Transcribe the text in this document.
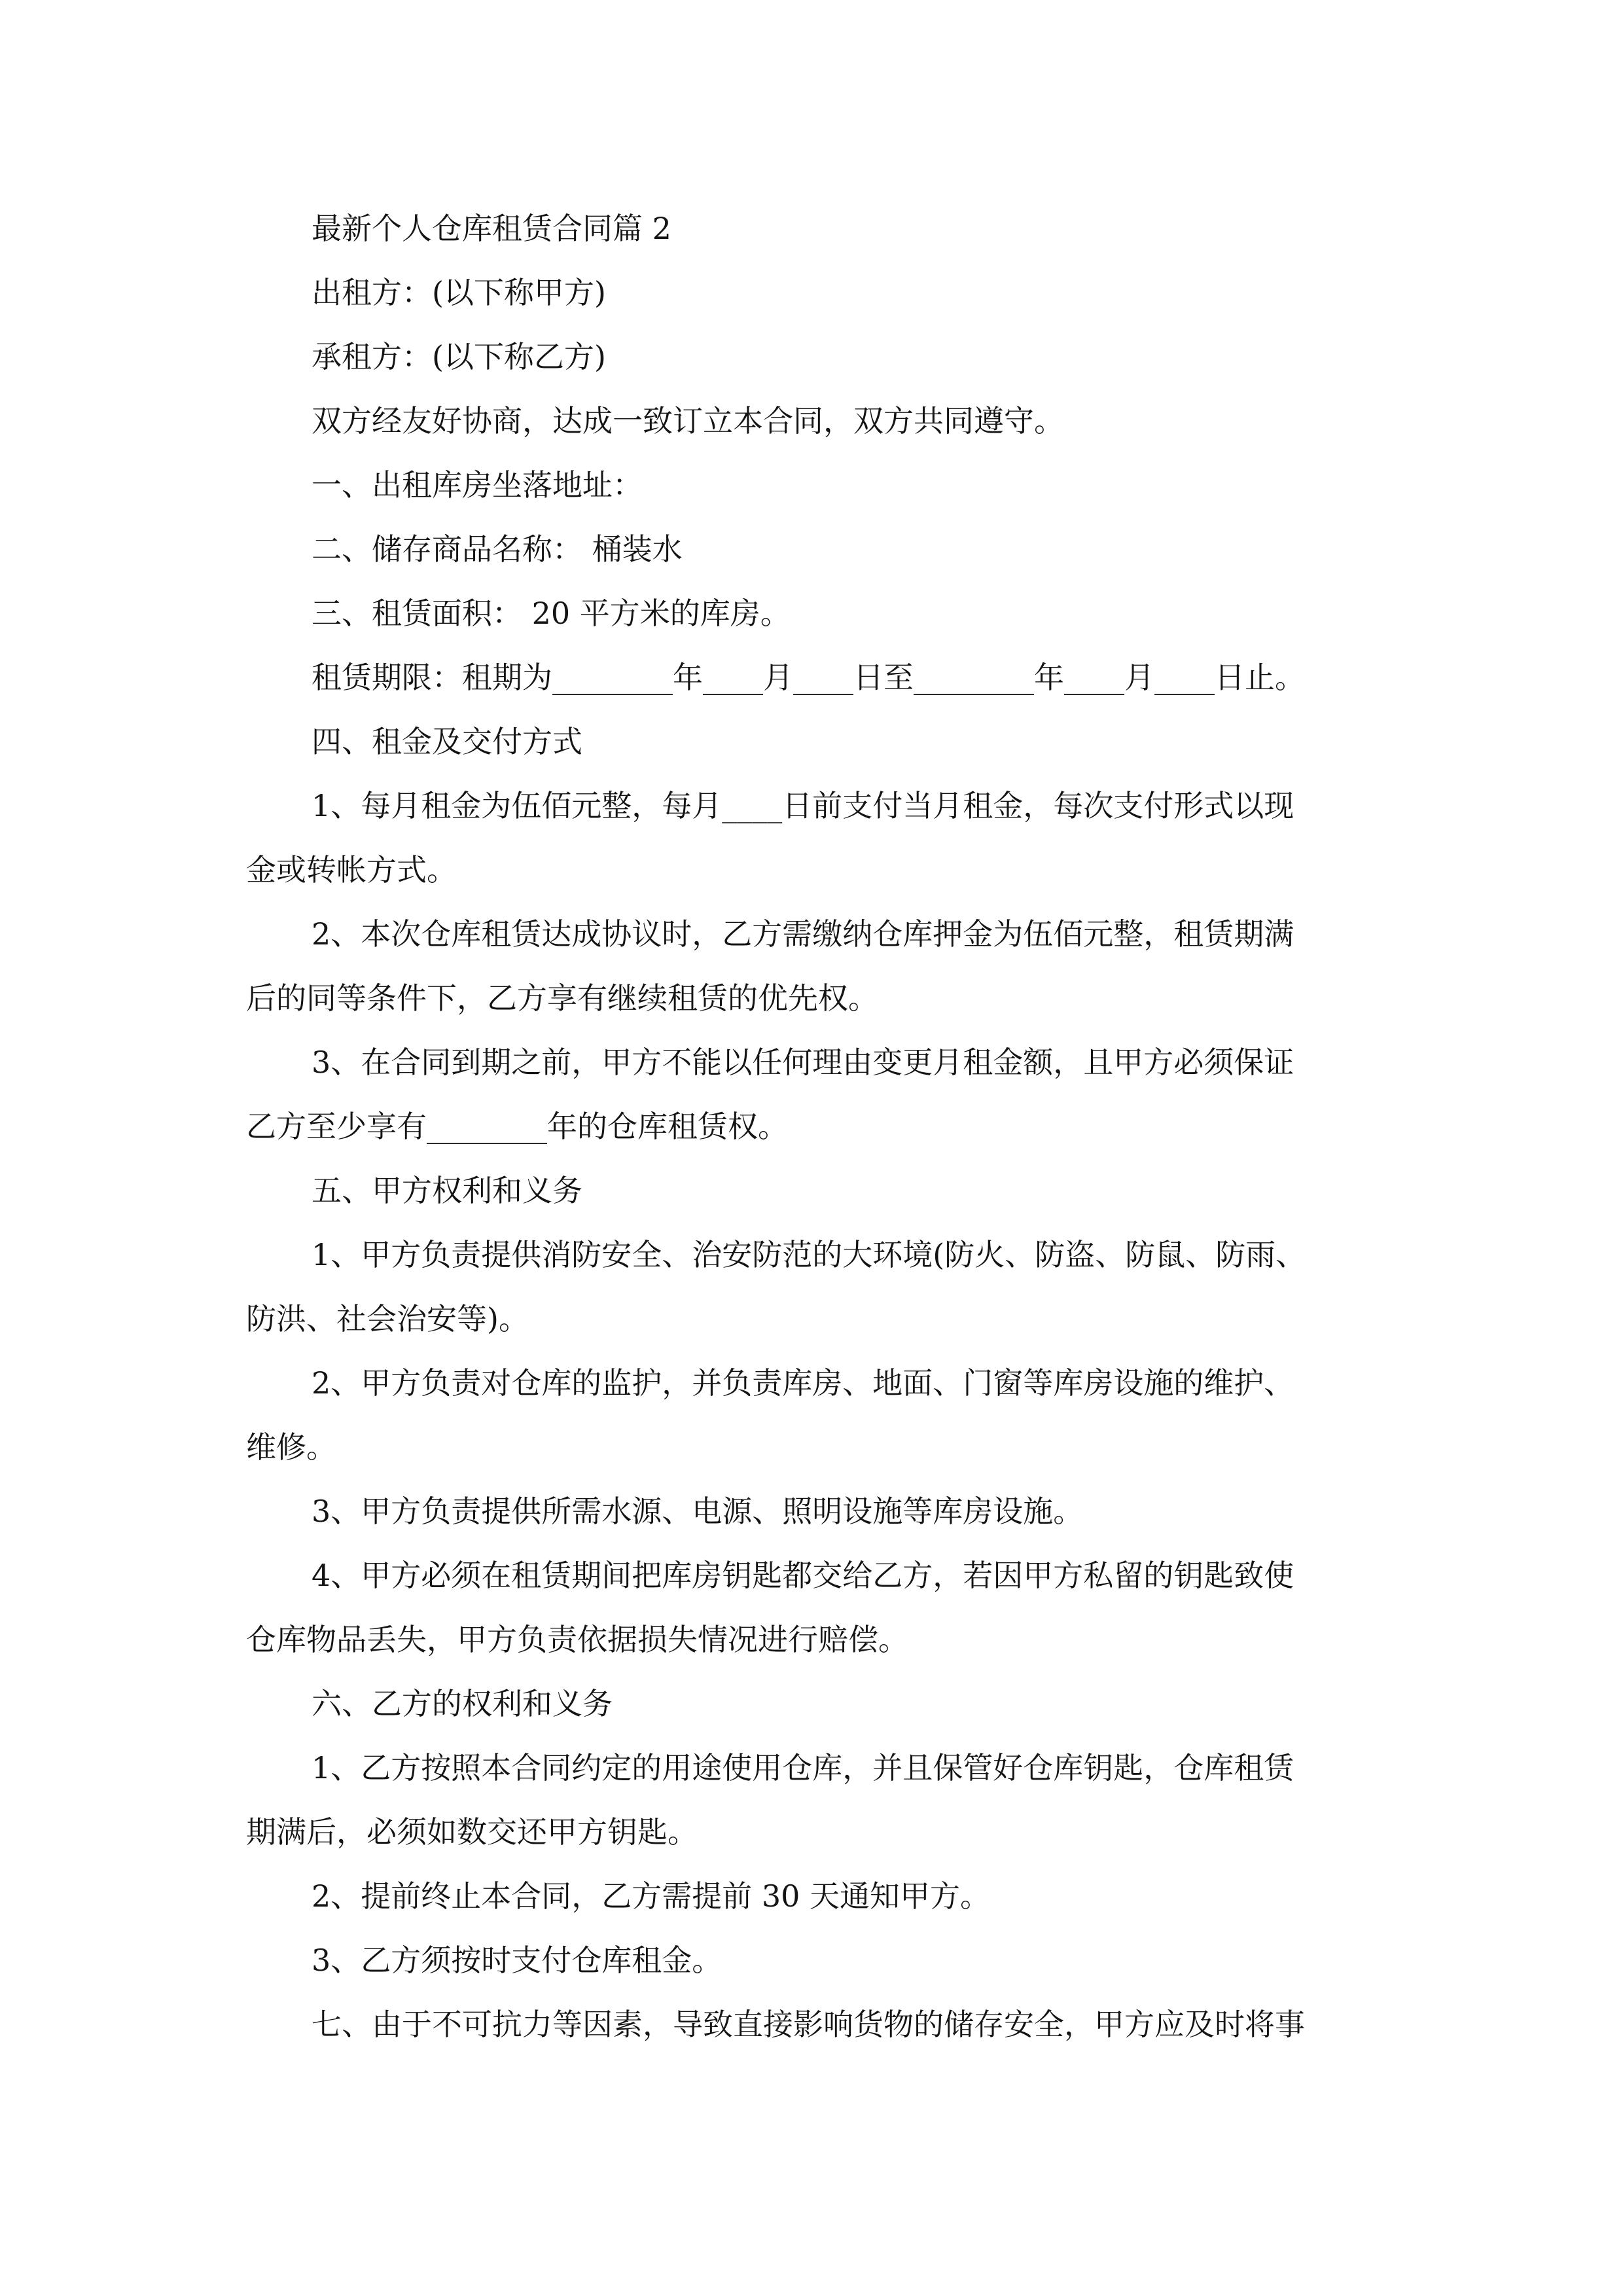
最新个人仓库租赁合同篇 2
出租方：(以下称甲方)
承租方：(以下称乙方)
双方经友好协商，达成一致订立本合同，双方共同遵守。
一、出租库房坐落地址：
二、储存商品名称： 桶装水
三、租赁面积： 20 平方米的库房。
租赁期限：租期为________年____月____日至________年____月____日止。
四、租金及交付方式
1、每月租金为伍佰元整，每月____日前支付当月租金，每次支付形式以现
金或转帐方式。
2、本次仓库租赁达成协议时，乙方需缴纳仓库押金为伍佰元整，租赁期满
后的同等条件下，乙方享有继续租赁的优先权。
3、在合同到期之前，甲方不能以任何理由变更月租金额，且甲方必须保证
乙方至少享有________年的仓库租赁权。
五、甲方权利和义务
1、甲方负责提供消防安全、治安防范的大环境(防火、防盗、防鼠、防雨、
防洪、社会治安等)。
2、甲方负责对仓库的监护，并负责库房、地面、门窗等库房设施的维护、
维修。
3、甲方负责提供所需水源、电源、照明设施等库房设施。
4、甲方必须在租赁期间把库房钥匙都交给乙方，若因甲方私留的钥匙致使
仓库物品丢失，甲方负责依据损失情况进行赔偿。
六、乙方的权利和义务
1、乙方按照本合同约定的用途使用仓库，并且保管好仓库钥匙，仓库租赁
期满后，必须如数交还甲方钥匙。
2、提前终止本合同，乙方需提前 30 天通知甲方。
3、乙方须按时支付仓库租金。
七、由于不可抗力等因素，导致直接影响货物的储存安全，甲方应及时将事
